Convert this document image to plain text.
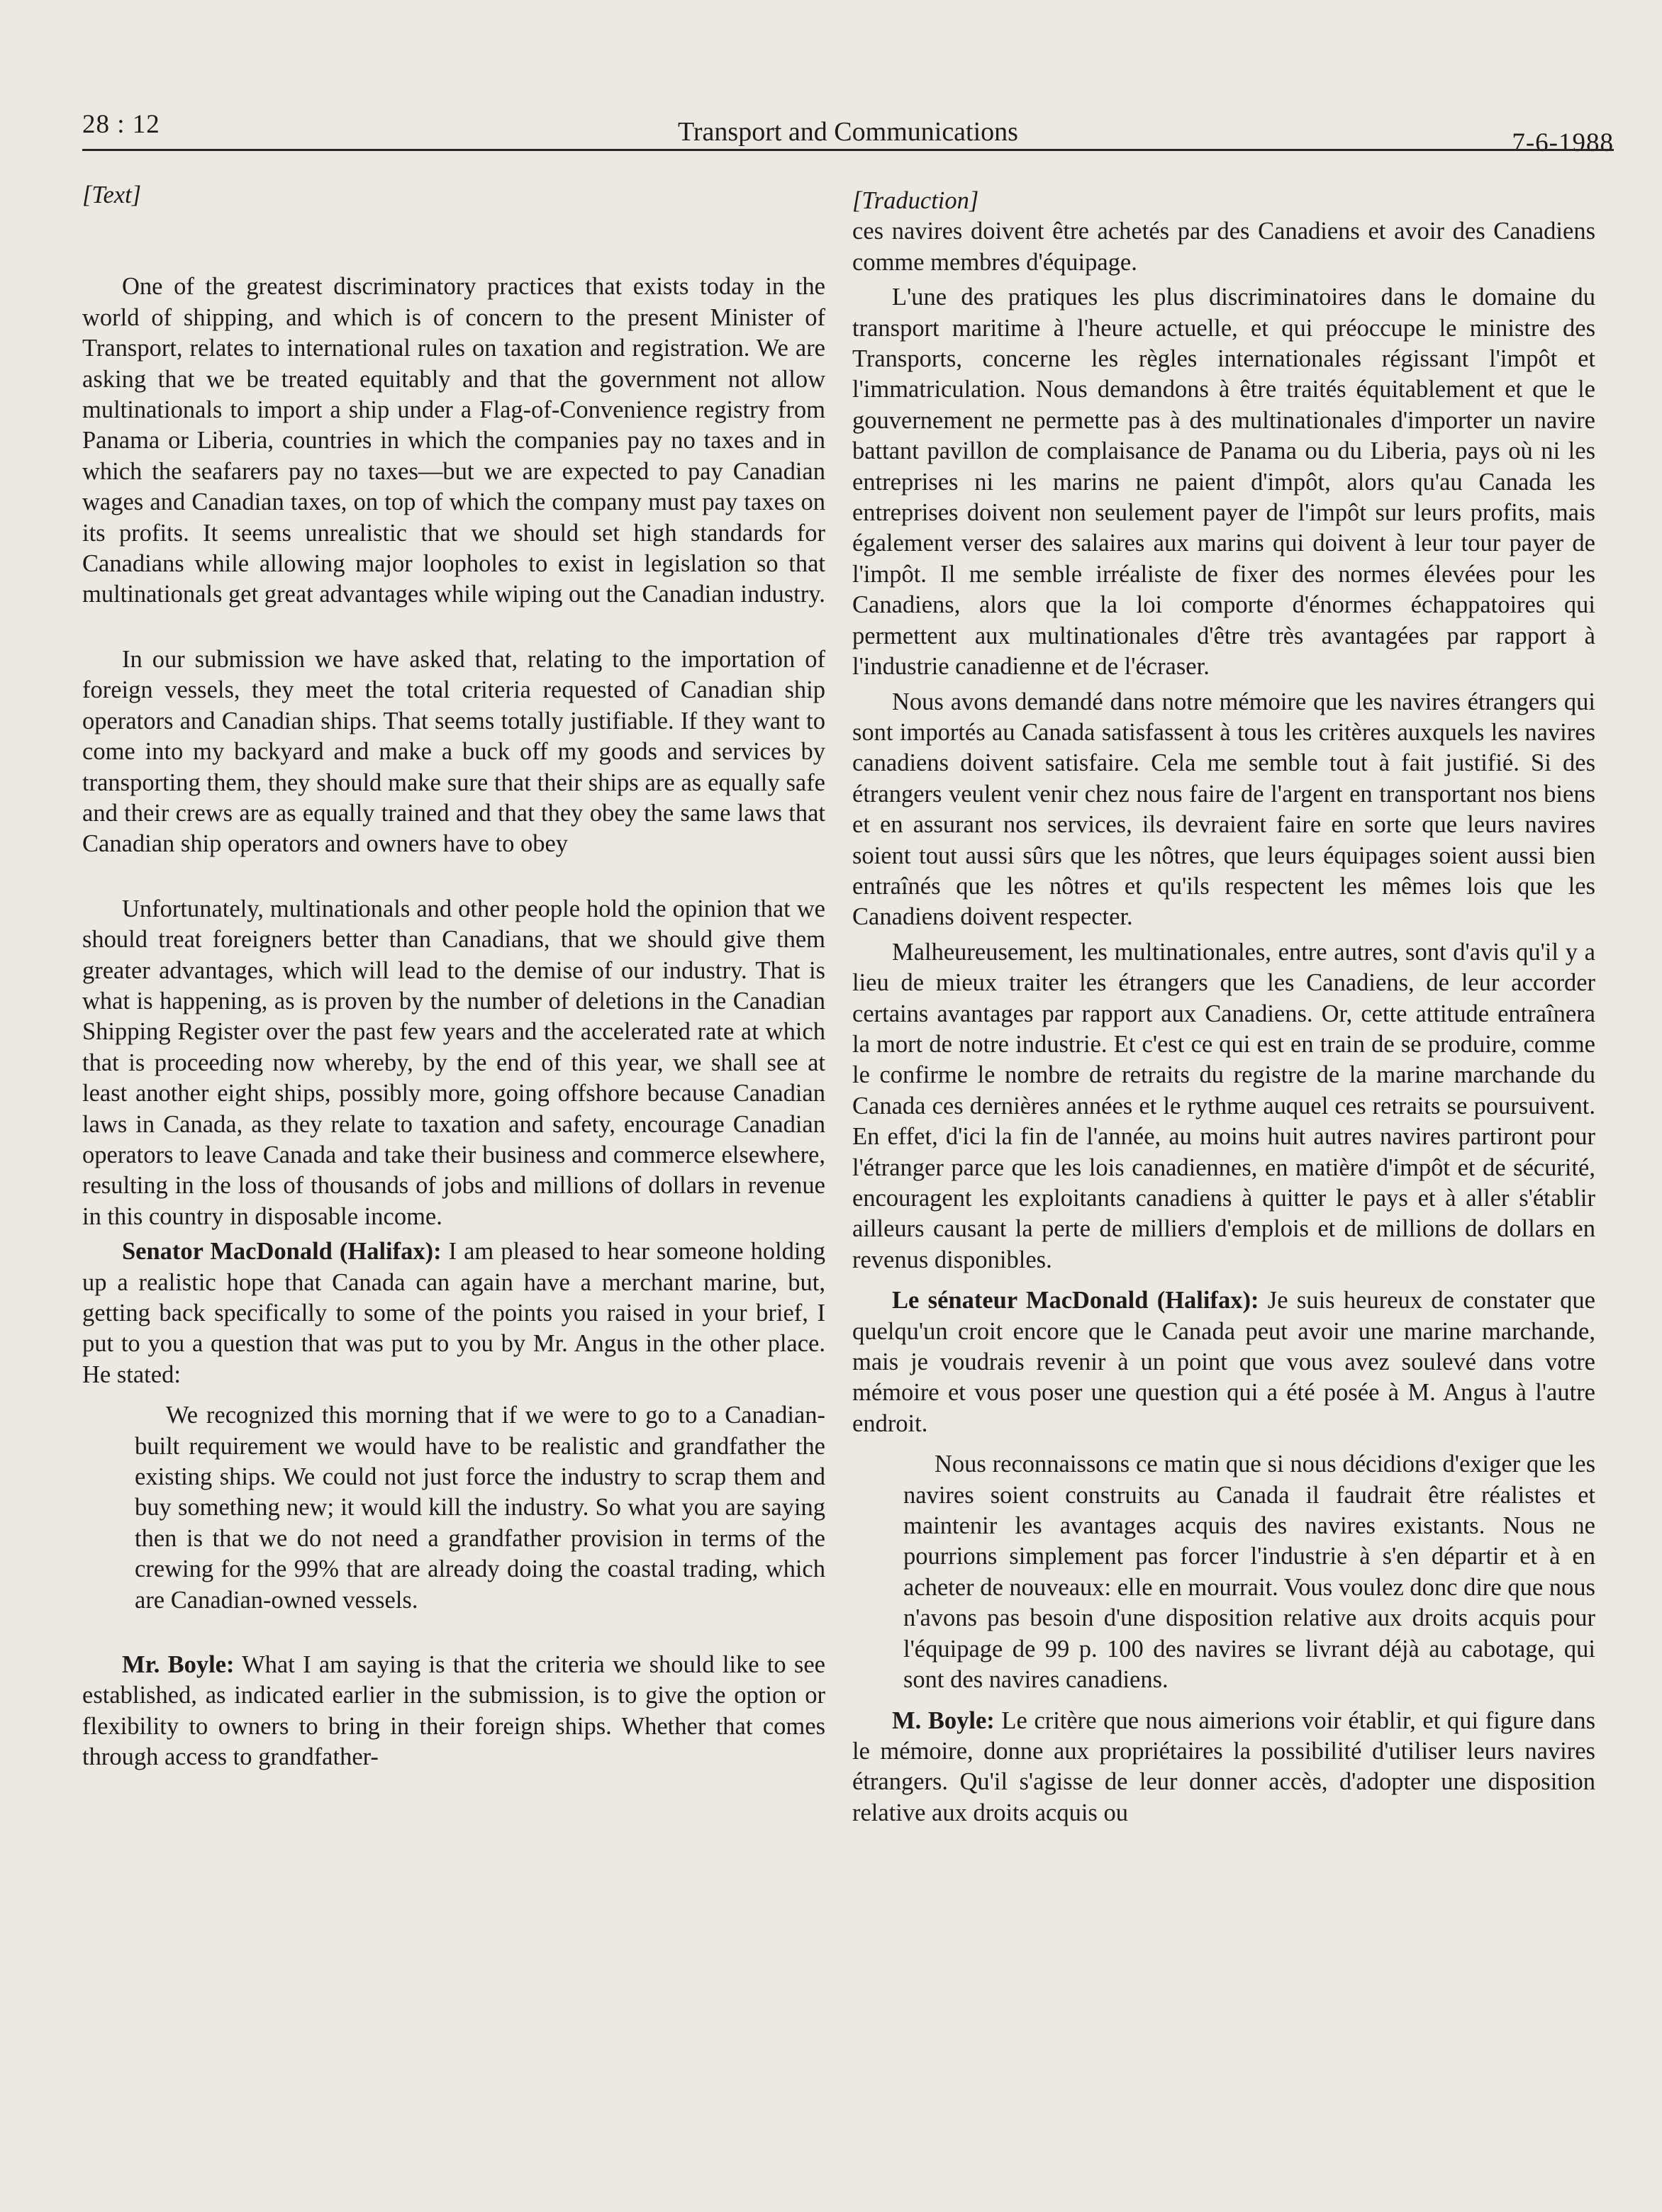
28 : 12	Transport and Communications	7-6-1988

[Text]

One of the greatest discriminatory practices that exists today in the world of shipping, and which is of concern to the present Minister of Transport, relates to international rules on taxation and registration. We are asking that we be treated equitably and that the government not allow multinationals to import a ship under a Flag-of-Convenience registry from Panama or Liberia, countries in which the companies pay no taxes and in which the seafarers pay no taxes—but we are expected to pay Canadian wages and Canadian taxes, on top of which the company must pay taxes on its profits. It seems unrealistic that we should set high standards for Canadians while allowing major loopholes to exist in legislation so that multinationals get great advantages while wiping out the Canadian industry.

In our submission we have asked that, relating to the importation of foreign vessels, they meet the total criteria requested of Canadian ship operators and Canadian ships. That seems totally justifiable. If they want to come into my backyard and make a buck off my goods and services by transporting them, they should make sure that their ships are as equally safe and their crews are as equally trained and that they obey the same laws that Canadian ship operators and owners have to obey

Unfortunately, multinationals and other people hold the opinion that we should treat foreigners better than Canadians, that we should give them greater advantages, which will lead to the demise of our industry. That is what is happening, as is proven by the number of deletions in the Canadian Shipping Register over the past few years and the accelerated rate at which that is proceeding now whereby, by the end of this year, we shall see at least another eight ships, possibly more, going offshore because Canadian laws in Canada, as they relate to taxation and safety, encourage Canadian operators to leave Canada and take their business and commerce elsewhere, resulting in the loss of thousands of jobs and millions of dollars in revenue in this country in disposable income.

Senator MacDonald (Halifax): I am pleased to hear someone holding up a realistic hope that Canada can again have a merchant marine, but, getting back specifically to some of the points you raised in your brief, I put to you a question that was put to you by Mr. Angus in the other place. He stated:

We recognized this morning that if we were to go to a Canadian-built requirement we would have to be realistic and grandfather the existing ships. We could not just force the industry to scrap them and buy something new; it would kill the industry. So what you are saying then is that we do not need a grandfather provision in terms of the crewing for the 99% that are already doing the coastal trading, which are Canadian-owned vessels.

Mr. Boyle: What I am saying is that the criteria we should like to see established, as indicated earlier in the submission, is to give the option or flexibility to owners to bring in their foreign ships. Whether that comes through access to grandfather-

[Traduction]

ces navires doivent être achetés par des Canadiens et avoir des Canadiens comme membres d'équipage.

L'une des pratiques les plus discriminatoires dans le domaine du transport maritime à l'heure actuelle, et qui préoccupe le ministre des Transports, concerne les règles internationales régissant l'impôt et l'immatriculation. Nous demandons à être traités équitablement et que le gouvernement ne permette pas à des multinationales d'importer un navire battant pavillon de complaisance de Panama ou du Liberia, pays où ni les entreprises ni les marins ne paient d'impôt, alors qu'au Canada les entreprises doivent non seulement payer de l'impôt sur leurs profits, mais également verser des salaires aux marins qui doivent à leur tour payer de l'impôt. Il me semble irréaliste de fixer des normes élevées pour les Canadiens, alors que la loi comporte d'énormes échappatoires qui permettent aux multinationales d'être très avantagées par rapport à l'industrie canadienne et de l'écraser.

Nous avons demandé dans notre mémoire que les navires étrangers qui sont importés au Canada satisfassent à tous les critères auxquels les navires canadiens doivent satisfaire. Cela me semble tout à fait justifié. Si des étrangers veulent venir chez nous faire de l'argent en transportant nos biens et en assurant nos services, ils devraient faire en sorte que leurs navires soient tout aussi sûrs que les nôtres, que leurs équipages soient aussi bien entraînés que les nôtres et qu'ils respectent les mêmes lois que les Canadiens doivent respecter.

Malheureusement, les multinationales, entre autres, sont d'avis qu'il y a lieu de mieux traiter les étrangers que les Canadiens, de leur accorder certains avantages par rapport aux Canadiens. Or, cette attitude entraînera la mort de notre industrie. Et c'est ce qui est en train de se produire, comme le confirme le nombre de retraits du registre de la marine marchande du Canada ces dernières années et le rythme auquel ces retraits se poursuivent. En effet, d'ici la fin de l'année, au moins huit autres navires partiront pour l'étranger parce que les lois canadiennes, en matière d'impôt et de sécurité, encouragent les exploitants canadiens à quitter le pays et à aller s'établir ailleurs causant la perte de milliers d'emplois et de millions de dollars en revenus disponibles.

Le sénateur MacDonald (Halifax): Je suis heureux de constater que quelqu'un croit encore que le Canada peut avoir une marine marchande, mais je voudrais revenir à un point que vous avez soulevé dans votre mémoire et vous poser une question qui a été posée à M. Angus à l'autre endroit.

Nous reconnaissons ce matin que si nous décidions d'exiger que les navires soient construits au Canada il faudrait être réalistes et maintenir les avantages acquis des navires existants. Nous ne pourrions simplement pas forcer l'industrie à s'en départir et à en acheter de nouveaux: elle en mourrait. Vous voulez donc dire que nous n'avons pas besoin d'une disposition relative aux droits acquis pour l'équipage de 99 p. 100 des navires se livrant déjà au cabotage, qui sont des navires canadiens.

M. Boyle: Le critère que nous aimerions voir établir, et qui figure dans le mémoire, donne aux propriétaires la possibilité d'utiliser leurs navires étrangers. Qu'il s'agisse de leur donner accès, d'adopter une disposition relative aux droits acquis ou
